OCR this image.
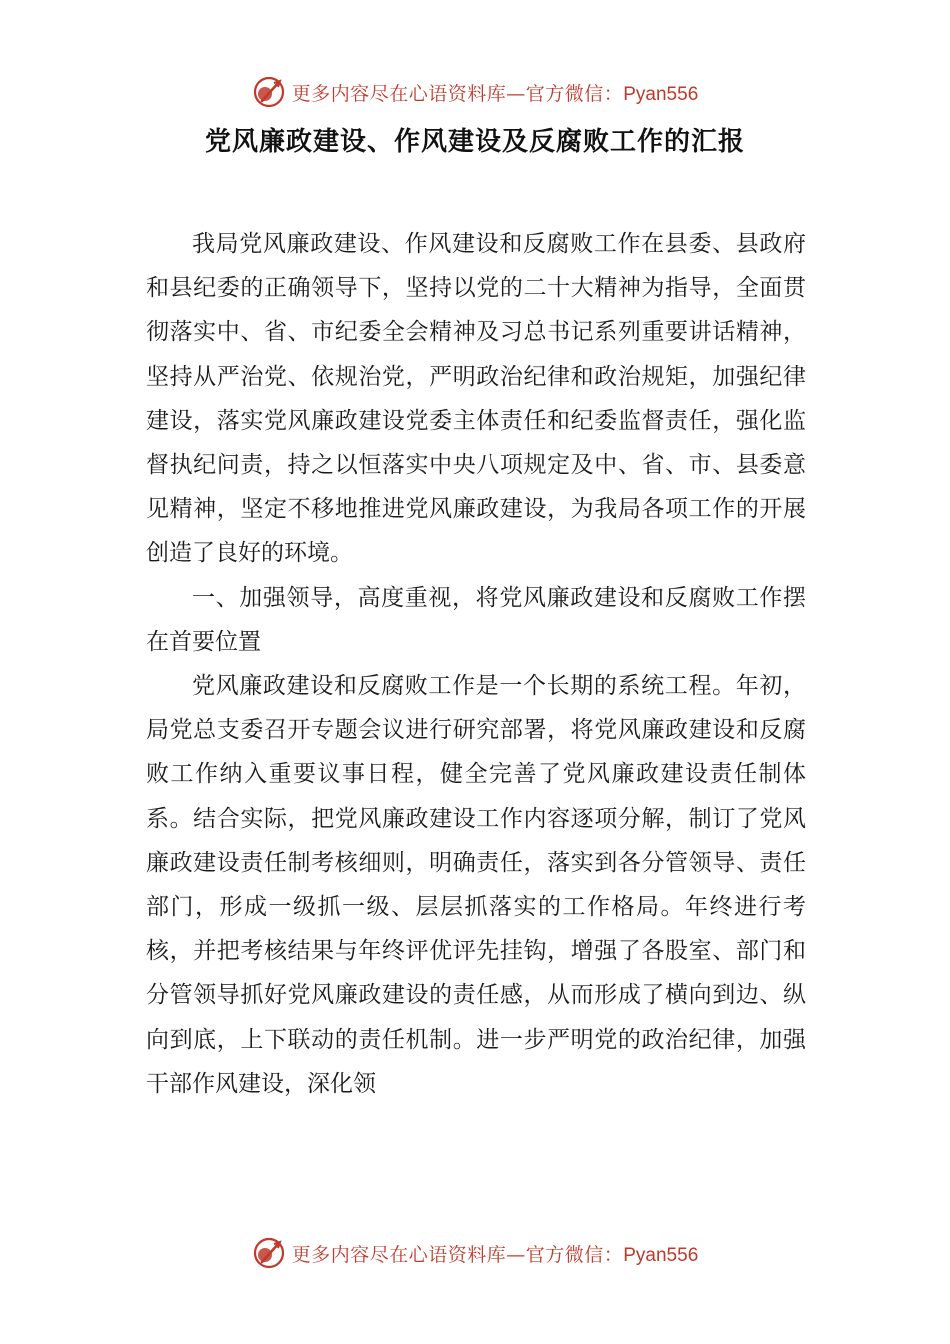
更多内容尽在心语资料库—官方微信：Pyan556
党风廉政建设、作风建设及反腐败工作的汇报

我局党风廉政建设、作风建设和反腐败工作在县委、县政府和县纪委的正确领导下，坚持以党的二十大精神为指导，全面贯彻落实中、省、市纪委全会精神及习总书记系列重要讲话精神，坚持从严治党、依规治党，严明政治纪律和政治规矩，加强纪律建设，落实党风廉政建设党委主体责任和纪委监督责任，强化监督执纪问责，持之以恒落实中央八项规定及中、省、市、县委意见精神，坚定不移地推进党风廉政建设，为我局各项工作的开展创造了良好的环境。

一、加强领导，高度重视，将党风廉政建设和反腐败工作摆在首要位置

党风廉政建设和反腐败工作是一个长期的系统工程。年初，局党总支委召开专题会议进行研究部署，将党风廉政建设和反腐败工作纳入重要议事日程，健全完善了党风廉政建设责任制体系。结合实际，把党风廉政建设工作内容逐项分解，制订了党风廉政建设责任制考核细则，明确责任，落实到各分管领导、责任部门，形成一级抓一级、层层抓落实的工作格局。年终进行考核，并把考核结果与年终评优评先挂钩，增强了各股室、部门和分管领导抓好党风廉政建设的责任感，从而形成了横向到边、纵向到底，上下联动的责任机制。进一步严明党的政治纪律，加强干部作风建设，深化领

更多内容尽在心语资料库—官方微信：Pyan556
